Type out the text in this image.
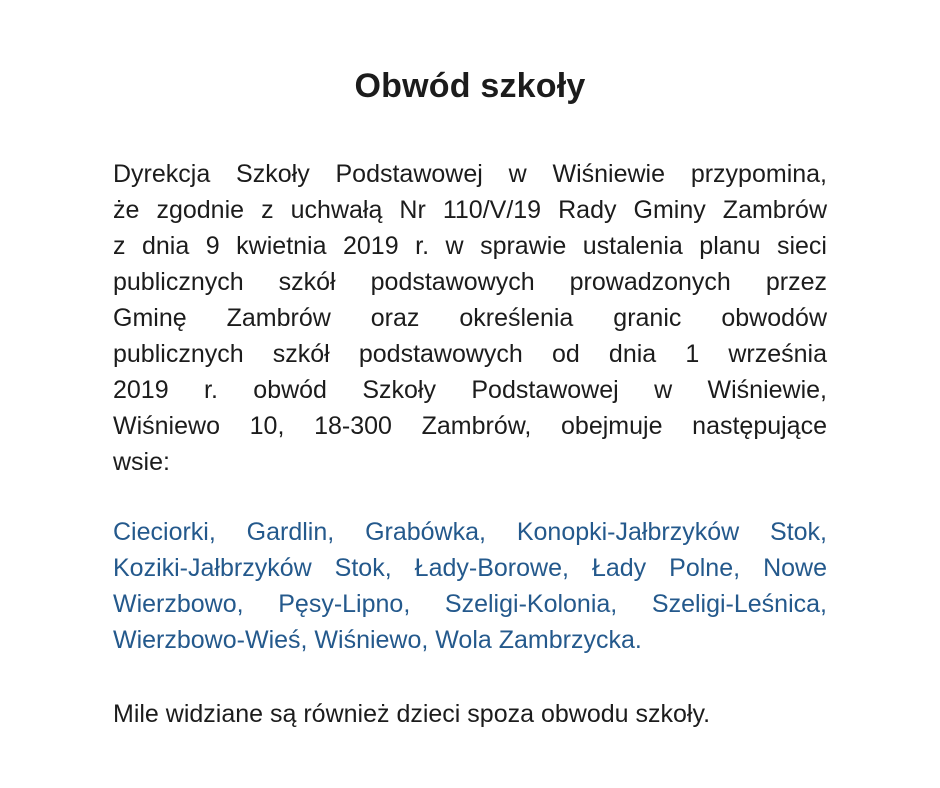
Obwód szkoły
Dyrekcja Szkoły Podstawowej w Wiśniewie przypomina,
że zgodnie z uchwałą Nr 110/V/19 Rady Gminy Zambrów
z dnia 9 kwietnia 2019 r. w sprawie ustalenia planu sieci
publicznych szkół podstawowych prowadzonych przez
Gminę Zambrów oraz określenia granic obwodów
publicznych szkół podstawowych od dnia 1 września
2019 r. obwód Szkoły Podstawowej w Wiśniewie,
Wiśniewo 10, 18-300 Zambrów, obejmuje następujące
wsie:
Cieciorki, Gardlin, Grabówka, Konopki-Jałbrzyków Stok,
Koziki-Jałbrzyków Stok, Łady-Borowe, Łady Polne, Nowe
Wierzbowo, Pęsy-Lipno, Szeligi-Kolonia, Szeligi-Leśnica,
Wierzbowo-Wieś, Wiśniewo, Wola Zambrzycka.
Mile widziane są również dzieci spoza obwodu szkoły.
